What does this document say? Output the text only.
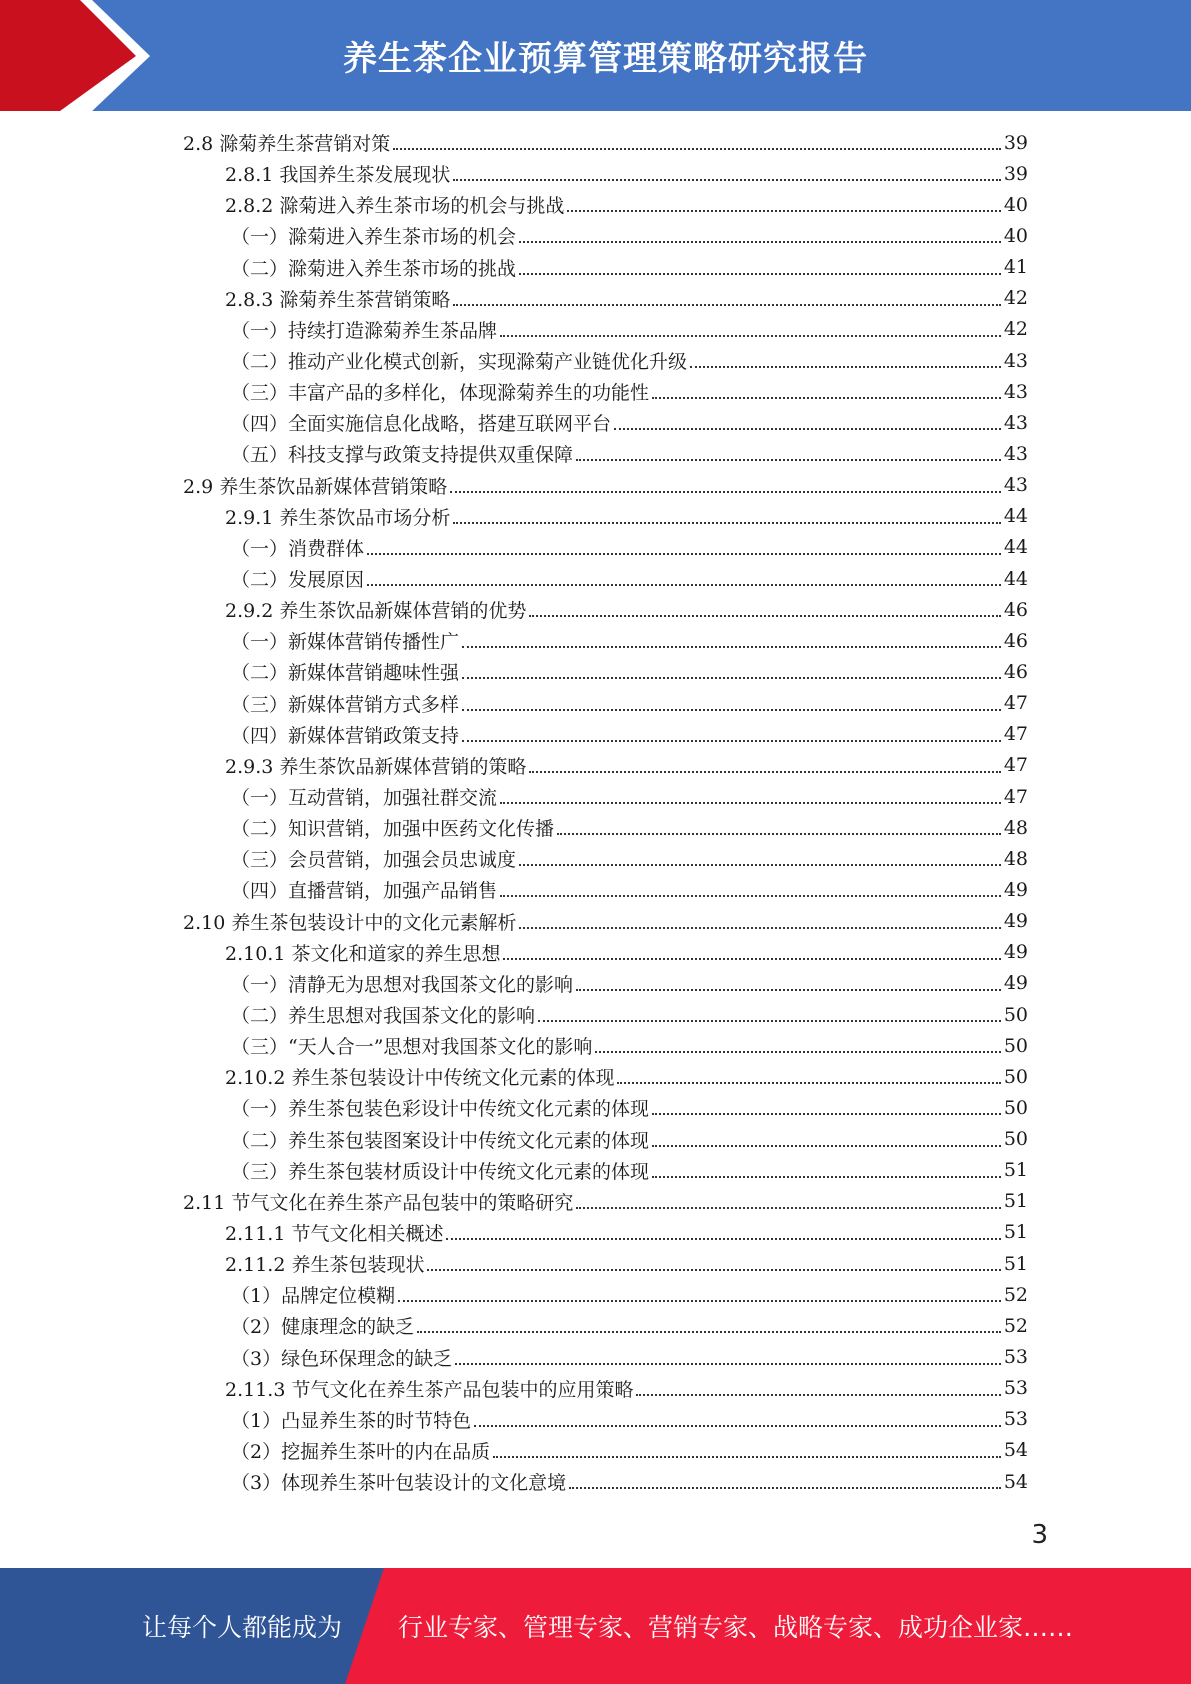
养生茶企业预算管理策略研究报告
2.8 滁菊养生茶营销对策	39
2.8.1 我国养生茶发展现状	39
2.8.2 滁菊进入养生茶市场的机会与挑战	40
（一）滁菊进入养生茶市场的机会	40
（二）滁菊进入养生茶市场的挑战	41
2.8.3 滁菊养生茶营销策略	42
（一）持续打造滁菊养生茶品牌	42
（二）推动产业化模式创新，实现滁菊产业链优化升级	43
（三）丰富产品的多样化，体现滁菊养生的功能性	43
（四）全面实施信息化战略，搭建互联网平台	43
（五）科技支撑与政策支持提供双重保障	43
2.9 养生茶饮品新媒体营销策略	43
2.9.1 养生茶饮品市场分析	44
（一）消费群体	44
（二）发展原因	44
2.9.2 养生茶饮品新媒体营销的优势	46
（一）新媒体营销传播性广	46
（二）新媒体营销趣味性强	46
（三）新媒体营销方式多样	47
（四）新媒体营销政策支持	47
2.9.3 养生茶饮品新媒体营销的策略	47
（一）互动营销，加强社群交流	47
（二）知识营销，加强中医药文化传播	48
（三）会员营销，加强会员忠诚度	48
（四）直播营销，加强产品销售	49
2.10 养生茶包装设计中的文化元素解析	49
2.10.1 茶文化和道家的养生思想	49
（一）清静无为思想对我国茶文化的影响	49
（二）养生思想对我国茶文化的影响	50
（三）“天人合一”思想对我国茶文化的影响	50
2.10.2 养生茶包装设计中传统文化元素的体现	50
（一）养生茶包装色彩设计中传统文化元素的体现	50
（二）养生茶包装图案设计中传统文化元素的体现	50
（三）养生茶包装材质设计中传统文化元素的体现	51
2.11 节气文化在养生茶产品包装中的策略研究	51
2.11.1 节气文化相关概述	51
2.11.2 养生茶包装现状	51
（1）品牌定位模糊	52
（2）健康理念的缺乏	52
（3）绿色环保理念的缺乏	53
2.11.3 节气文化在养生茶产品包装中的应用策略	53
（1）凸显养生茶的时节特色	53
（2）挖掘养生茶叶的内在品质	54
（3）体现养生茶叶包装设计的文化意境	54
3
让每个人都能成为 行业专家、管理专家、营销专家、战略专家、成功企业家……
